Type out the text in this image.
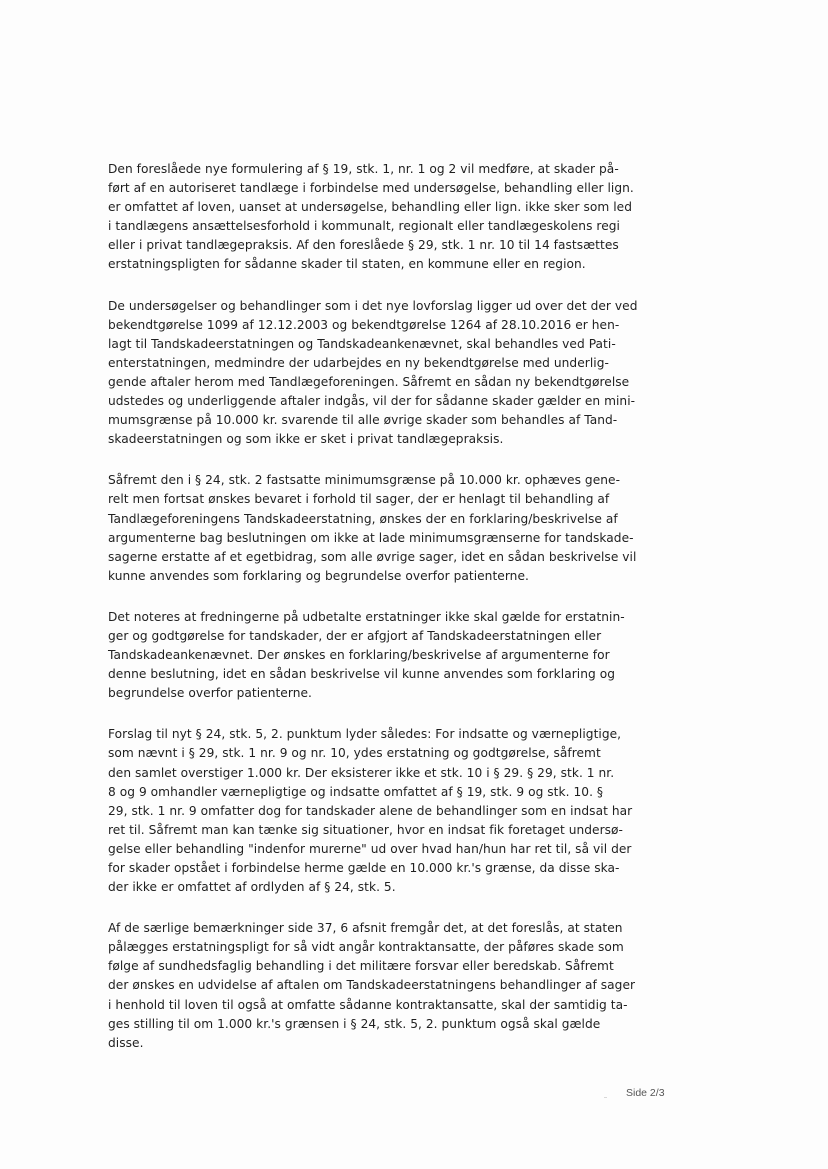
Den foreslåede nye formulering af § 19, stk. 1, nr. 1 og 2 vil medføre, at skader på-
ført af en autoriseret tandlæge i forbindelse med undersøgelse, behandling eller lign.
er omfattet af loven, uanset at undersøgelse, behandling eller lign. ikke sker som led
i tandlægens ansættelsesforhold i kommunalt, regionalt eller tandlægeskolens regi
eller i privat tandlægepraksis. Af den foreslåede § 29, stk. 1 nr. 10 til 14 fastsættes
erstatningspligten for sådanne skader til staten, en kommune eller en region.

De undersøgelser og behandlinger som i det nye lovforslag ligger ud over det der ved
bekendtgørelse 1099 af 12.12.2003 og bekendtgørelse 1264 af 28.10.2016 er hen-
lagt til Tandskadeerstatningen og Tandskadeankenævnet, skal behandles ved Pati-
enterstatningen, medmindre der udarbejdes en ny bekendtgørelse med underlig-
gende aftaler herom med Tandlægeforeningen. Såfremt en sådan ny bekendtgørelse
udstedes og underliggende aftaler indgås, vil der for sådanne skader gælder en mini-
mumsgrænse på 10.000 kr. svarende til alle øvrige skader som behandles af Tand-
skadeerstatningen og som ikke er sket i privat tandlægepraksis.

Såfremt den i § 24, stk. 2 fastsatte minimumsgrænse på 10.000 kr. ophæves gene-
relt men fortsat ønskes bevaret i forhold til sager, der er henlagt til behandling af
Tandlægeforeningens Tandskadeerstatning, ønskes der en forklaring/beskrivelse af
argumenterne bag beslutningen om ikke at lade minimumsgrænserne for tandskade-
sagerne erstatte af et egetbidrag, som alle øvrige sager, idet en sådan beskrivelse vil
kunne anvendes som forklaring og begrundelse overfor patienterne.

Det noteres at fredningerne på udbetalte erstatninger ikke skal gælde for erstatnin-
ger og godtgørelse for tandskader, der er afgjort af Tandskadeerstatningen eller
Tandskadeankenævnet. Der ønskes en forklaring/beskrivelse af argumenterne for
denne beslutning, idet en sådan beskrivelse vil kunne anvendes som forklaring og
begrundelse overfor patienterne.

Forslag til nyt § 24, stk. 5, 2. punktum lyder således: For indsatte og værnepligtige,
som nævnt i § 29, stk. 1 nr. 9 og nr. 10, ydes erstatning og godtgørelse, såfremt
den samlet overstiger 1.000 kr. Der eksisterer ikke et stk. 10 i § 29. § 29, stk. 1 nr.
8 og 9 omhandler værnepligtige og indsatte omfattet af § 19, stk. 9 og stk. 10. §
29, stk. 1 nr. 9 omfatter dog for tandskader alene de behandlinger som en indsat har
ret til. Såfremt man kan tænke sig situationer, hvor en indsat fik foretaget undersø-
gelse eller behandling "indenfor murerne" ud over hvad han/hun har ret til, så vil der
for skader opstået i forbindelse herme gælde en 10.000 kr.'s grænse, da disse ska-
der ikke er omfattet af ordlyden af § 24, stk. 5.

Af de særlige bemærkninger side 37, 6 afsnit fremgår det, at det foreslås, at staten
pålægges erstatningspligt for så vidt angår kontraktansatte, der påføres skade som
følge af sundhedsfaglig behandling i det militære forsvar eller beredskab. Såfremt
der ønskes en udvidelse af aftalen om Tandskadeerstatningens behandlinger af sager
i henhold til loven til også at omfatte sådanne kontraktansatte, skal der samtidig ta-
ges stilling til om 1.000 kr.'s grænsen i § 24, stk. 5, 2. punktum også skal gælde
disse.

Side 2/3
